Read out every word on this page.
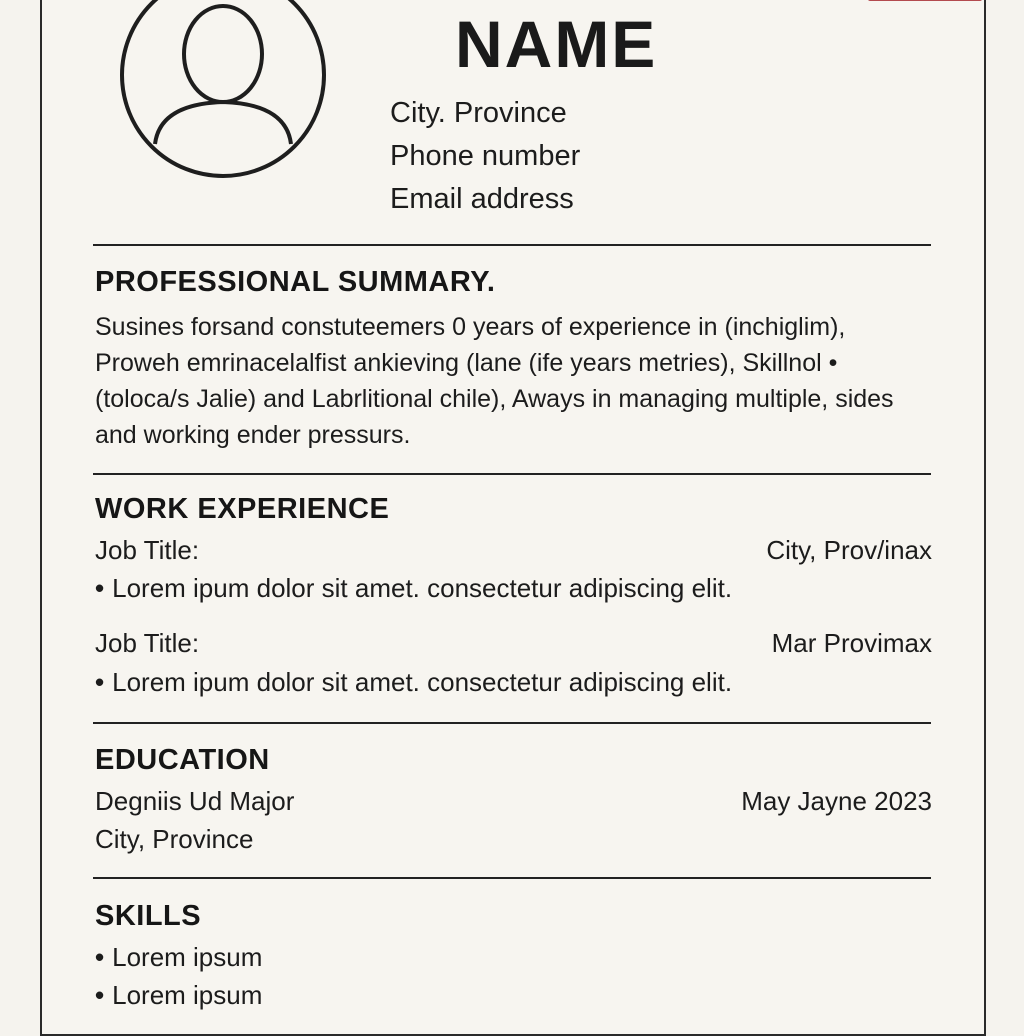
NAME
City. Province
Phone number
Email address
PROFESSIONAL SUMMARY.
Susines forsand constuteemers 0 years of experience in (inchiglim), Proweh emrinacelalfist ankieving (lane (ife years metries), Skillnol • (toloca/s Jalie) and Labrlitional chile), Aways in managing multiple, sides and working ender pressurs.
WORK EXPERIENCE
Job Title:	City, Prov/inax
• Lorem ipum dolor sit amet. consectetur adipiscing elit.
Job Title:	Mar Provimax
• Lorem ipum dolor sit amet. consectetur adipiscing elit.
EDUCATION
Degniis Ud Major	May Jayne 2023
City, Province
SKILLS
• Lorem ipsum
• Lorem ipsum
